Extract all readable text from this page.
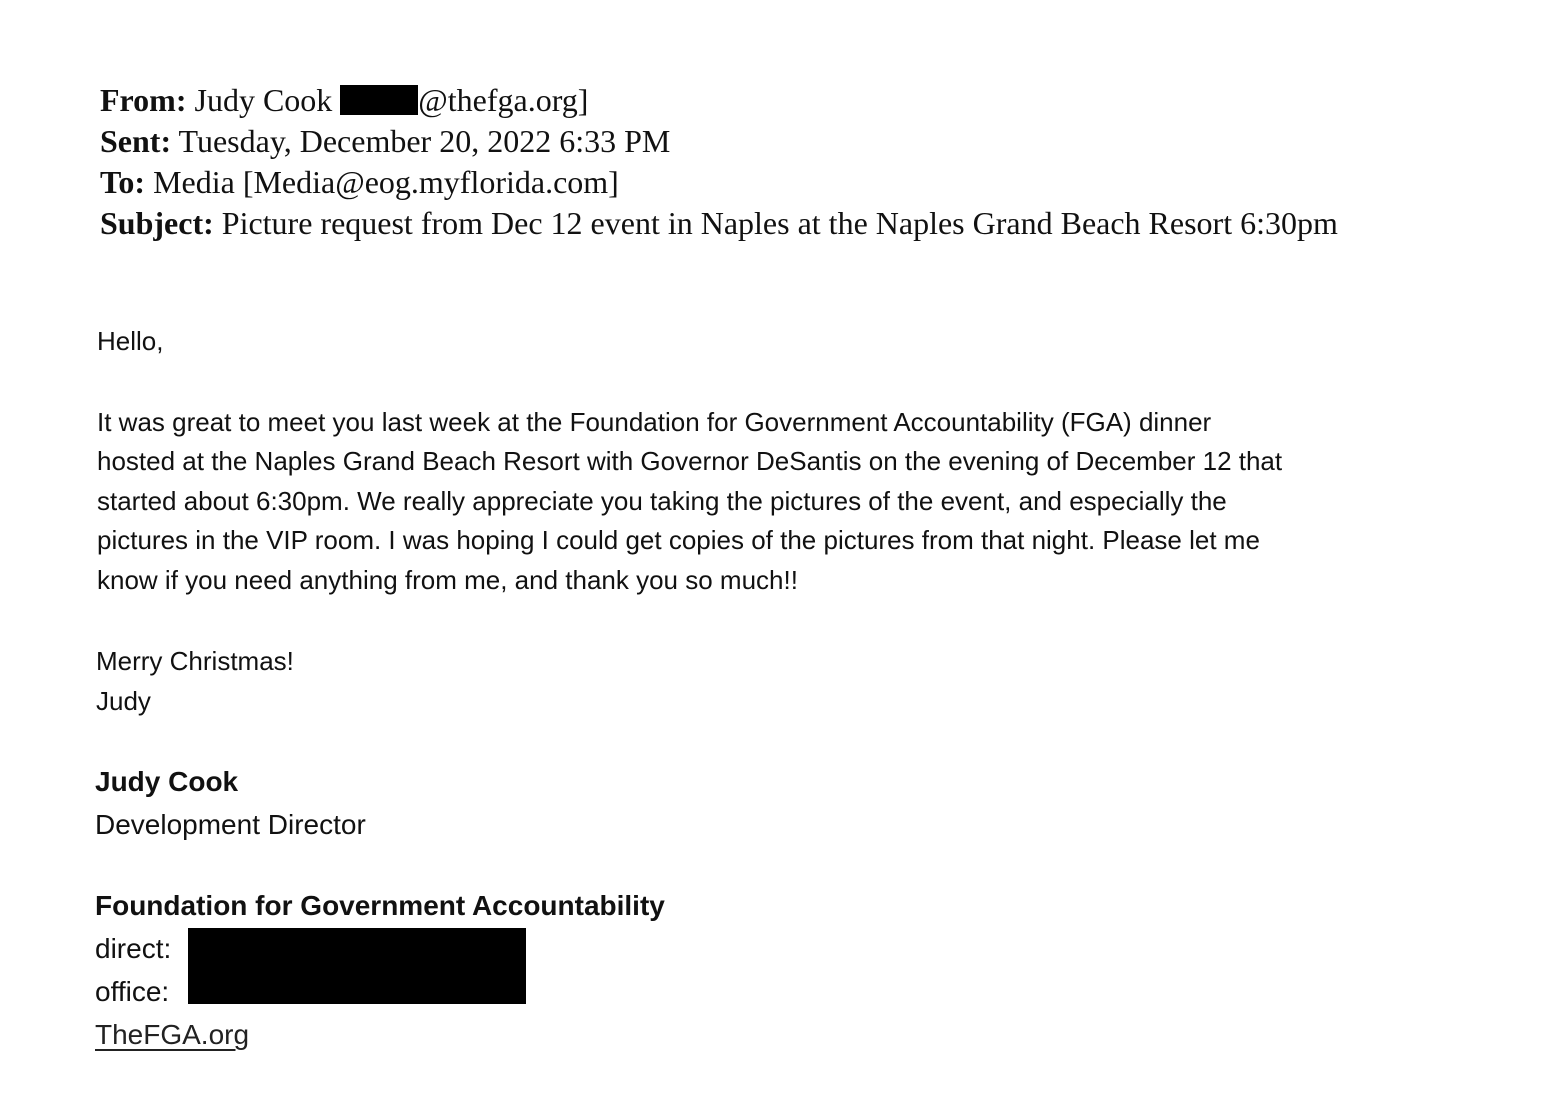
From: Judy Cook	@thefga.org]
Sent: Tuesday, December 20, 2022 6:33 PM
To: Media [Media@eog.myflorida.com]
Subject: Picture request from Dec 12 event in Naples at the Naples Grand Beach Resort 6:30pm
Hello,
It was great to meet you last week at the Foundation for Government Accountability (FGA) dinner
hosted at the Naples Grand Beach Resort with Governor DeSantis on the evening of December 12 that
started about 6:30pm. We really appreciate you taking the pictures of the event, and especially the
pictures in the VIP room. I was hoping I could get copies of the pictures from that night. Please let me
know if you need anything from me, and thank you so much!!
Merry Christmas!
Judy
Judy Cook
Development Director
Foundation for Government Accountability
direct:
office:
TheFGA.org
